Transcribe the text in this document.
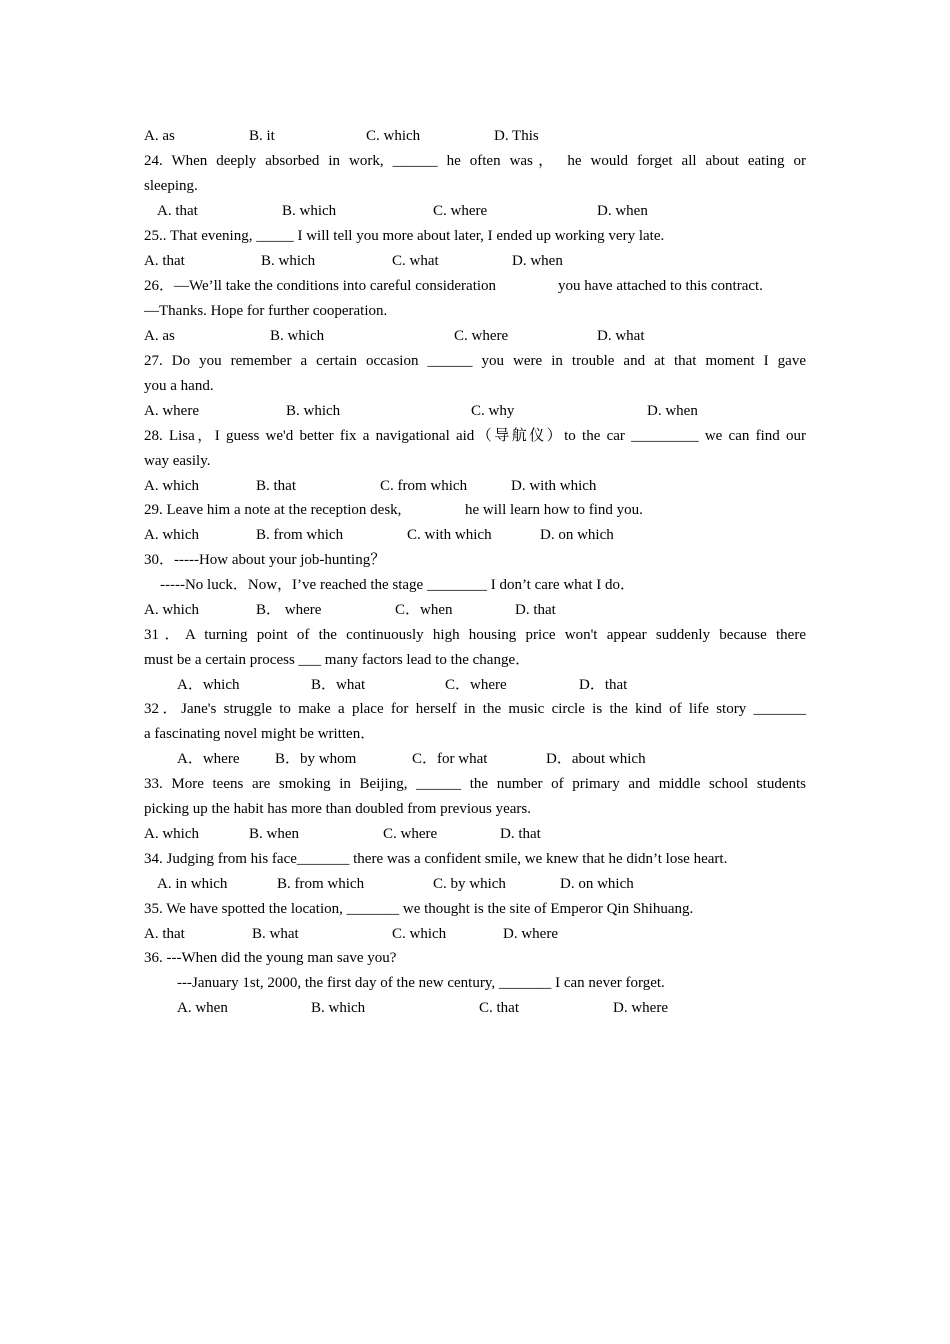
A. as	B. it	C. which	D. This
24. When deeply absorbed in work, ______ he often was， he would forget all about eating or
sleeping.
A. that	B. which	C. where	D. when
25.. That evening, _____ I will tell you more about later, I ended up working very late.
A. that	B. which	C. what	D. when
26．—We’ll take the conditions into careful consideration	you have attached to this contract.
—Thanks. Hope for further cooperation.
A. as	B. which	C. where	D. what
27. Do you remember a certain occasion ______ you were in trouble and at that moment I gave
you a hand.
A. where	B. which	C. why	D. when
28. Lisa，I guess we'd better fix a navigational aid（导航仪）to the car _________ we can find our
way easily.
A. which	B. that	C. from which	D. with which
29. Leave him a note at the reception desk,	he will learn how to find you.
A. which	B. from which	C. with which	D. on which
30．-----How about your job-hunting？
-----No luck．Now，I’ve reached the stage ________ I don’t care what I do．
A. which	B． where	C．when	D. that
31．A turning point of the continuously high housing price won't appear suddenly because there
must be a certain process ___ many factors lead to the change．
A．which	B．what	C．where	D．that
32．Jane's struggle to make a place for herself in the music circle is the kind of life story _______
a fascinating novel might be written．
A．where B．by whom	C．for what	D．about which
33. More teens are smoking in Beijing, ______ the number of primary and middle school students
picking up the habit has more than doubled from previous years.
A. which	B. when	C. where	D. that
34. Judging from his face_______ there was a confident smile, we knew that he didn’t lose heart.
A. in which	B. from which	C. by which	D. on which
35. We have spotted the location, _______ we thought is the site of Emperor Qin Shihuang.
A. that	B. what	C. which	D. where
36. ---When did the young man save you?
---January 1st, 2000, the first day of the new century, _______ I can never forget.
A. when	B. which	C. that	D. where
